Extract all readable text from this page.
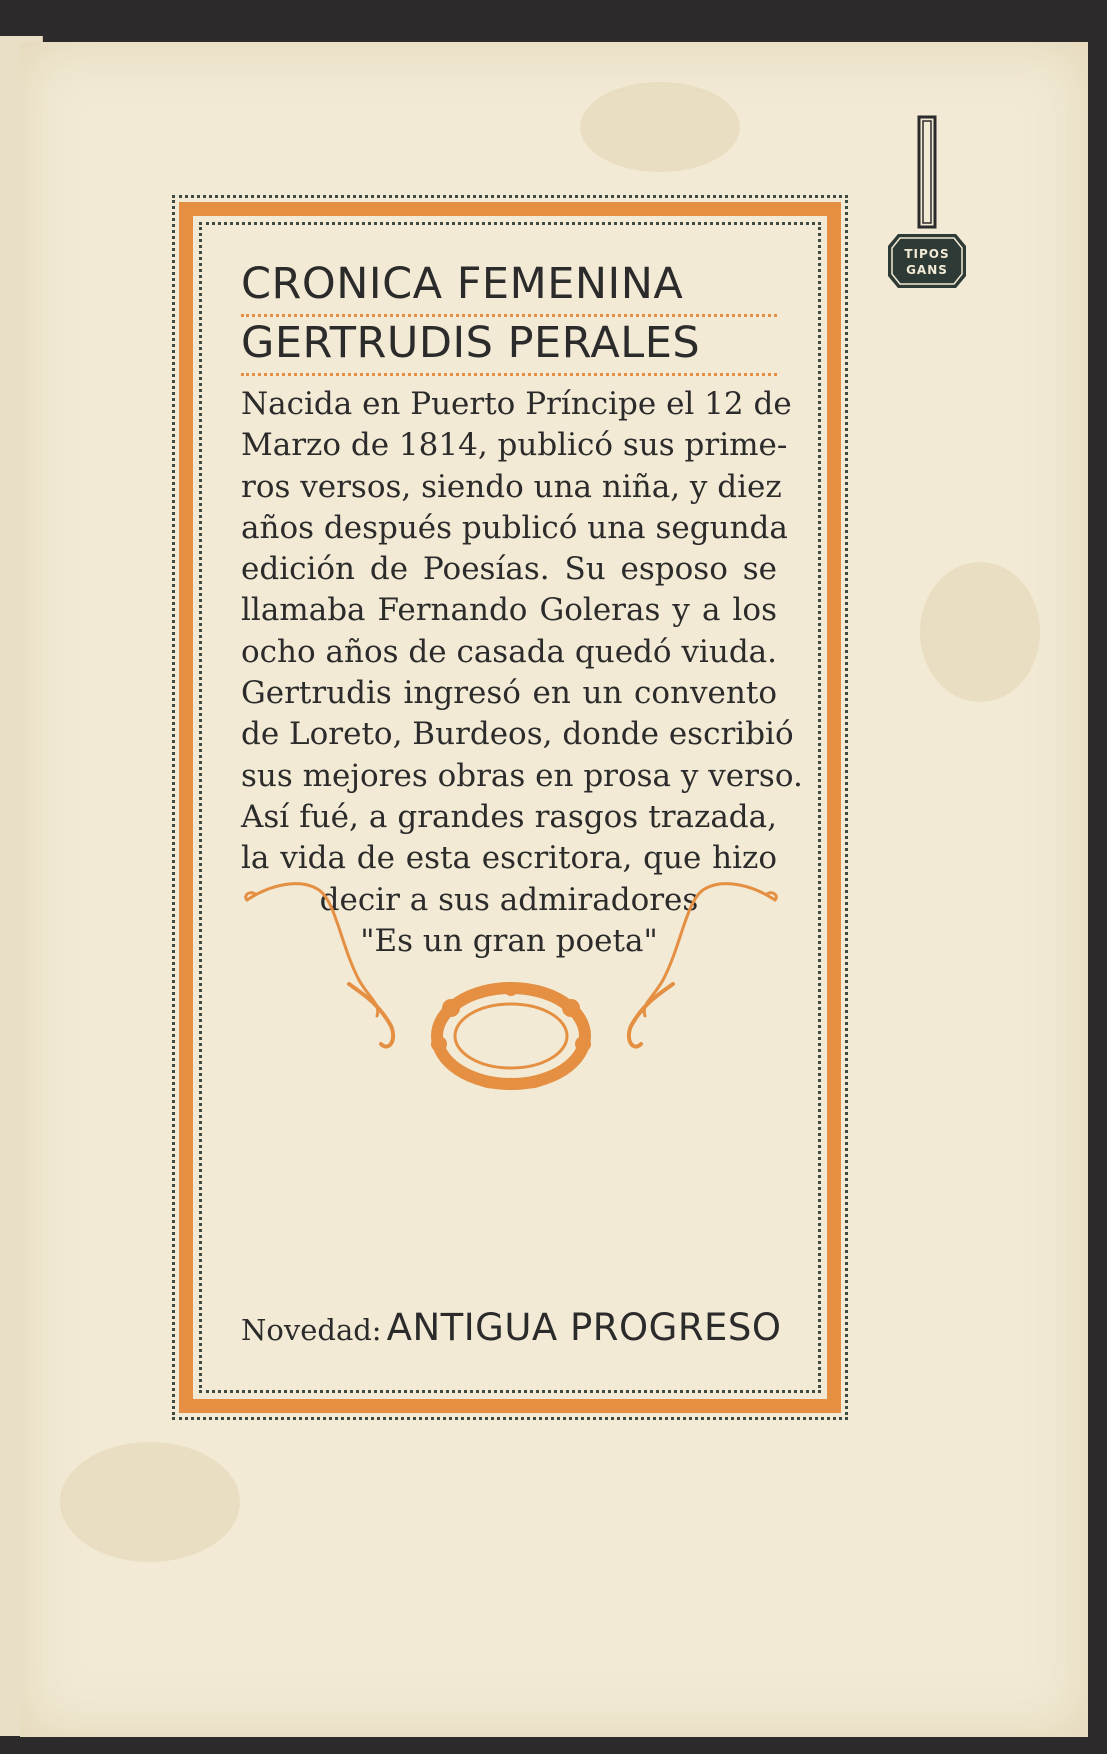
TIPOS
GANS
CRONICA FEMENINA
GERTRUDIS PERALES
Nacida en Puerto Príncipe el 12 de
Marzo de 1814, publicó sus prime-
ros versos, siendo una niña, y diez
años después publicó una segunda
edición de Poesías. Su esposo se
llamaba Fernando Goleras y a los
ocho años de casada quedó viuda.
Gertrudis ingresó en un convento
de Loreto, Burdeos, donde escribió
sus mejores obras en prosa y verso.
Así fué, a grandes rasgos trazada,
la vida de esta escritora, que hizo
decir a sus admiradores
"Es un gran poeta"
Novedad: ANTIGUA PROGRESO
